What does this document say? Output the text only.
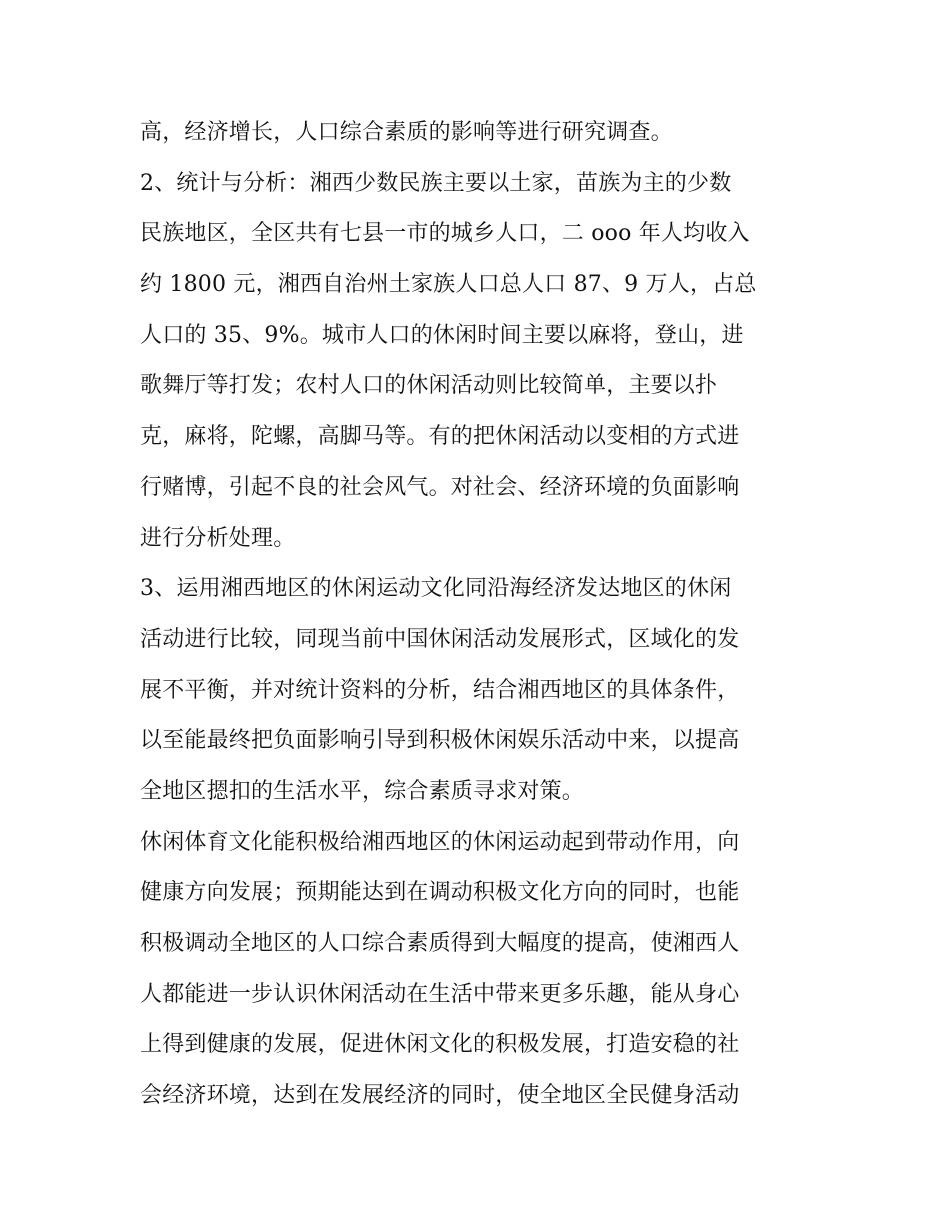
高，经济增长，人口综合素质的影响等进行研究调查。
2、统计与分析：湘西少数民族主要以土家，苗族为主的少数
民族地区，全区共有七县一市的城乡人口，二 ooo 年人均收入
约 1800 元，湘西自治州土家族人口总人口 87、9 万人，占总
人口的 35、9%。城市人口的休闲时间主要以麻将，登山，进
歌舞厅等打发；农村人口的休闲活动则比较简单，主要以扑
克，麻将，陀螺，高脚马等。有的把休闲活动以变相的方式进
行赌博，引起不良的社会风气。对社会、经济环境的负面影响
进行分析处理。
3、运用湘西地区的休闲运动文化同沿海经济发达地区的休闲
活动进行比较，同现当前中国休闲活动发展形式，区域化的发
展不平衡，并对统计资料的分析，结合湘西地区的具体条件，
以至能最终把负面影响引导到积极休闲娱乐活动中来，以提高
全地区摁扣的生活水平，综合素质寻求对策。
休闲体育文化能积极给湘西地区的休闲运动起到带动作用，向
健康方向发展；预期能达到在调动积极文化方向的同时，也能
积极调动全地区的人口综合素质得到大幅度的提高，使湘西人
人都能进一步认识休闲活动在生活中带来更多乐趣，能从身心
上得到健康的发展，促进休闲文化的积极发展，打造安稳的社
会经济环境，达到在发展经济的同时，使全地区全民健身活动
